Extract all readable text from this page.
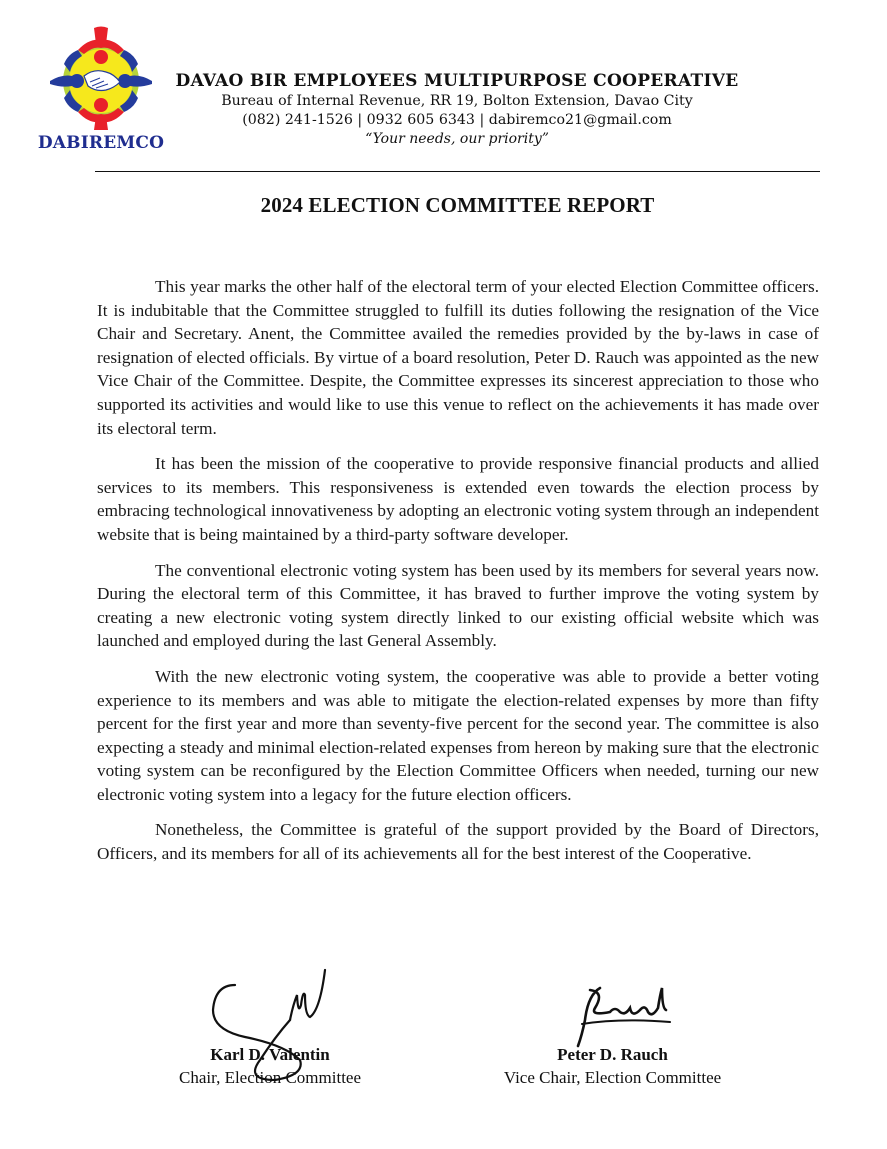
DABIREMCO
DAVAO BIR EMPLOYEES MULTIPURPOSE COOPERATIVE
Bureau of Internal Revenue, RR 19, Bolton Extension, Davao City
(082) 241-1526 | 0932 605 6343 | dabiremco21@gmail.com
“Your needs, our priority”
2024 ELECTION COMMITTEE REPORT

This year marks the other half of the electoral term of your elected Election Committee officers. It is indubitable that the Committee struggled to fulfill its duties following the resignation of the Vice Chair and Secretary. Anent, the Committee availed the remedies provided by the by-laws in case of resignation of elected officials. By virtue of a board resolution, Peter D. Rauch was appointed as the new Vice Chair of the Committee. Despite, the Committee expresses its sincerest appreciation to those who supported its activities and would like to use this venue to reflect on the achievements it has made over its electoral term.

It has been the mission of the cooperative to provide responsive financial products and allied services to its members. This responsiveness is extended even towards the election process by embracing technological innovativeness by adopting an electronic voting system through an independent website that is being maintained by a third-party software developer.

The conventional electronic voting system has been used by its members for several years now. During the electoral term of this Committee, it has braved to further improve the voting system by creating a new electronic voting system directly linked to our existing official website which was launched and employed during the last General Assembly.

With the new electronic voting system, the cooperative was able to provide a better voting experience to its members and was able to mitigate the election-related expenses by more than fifty percent for the first year and more than seventy-five percent for the second year. The committee is also expecting a steady and minimal election-related expenses from hereon by making sure that the electronic voting system can be reconfigured by the Election Committee Officers when needed, turning our new electronic voting system into a legacy for the future election officers.

Nonetheless, the Committee is grateful of the support provided by the Board of Directors, Officers, and its members for all of its achievements all for the best interest of the Cooperative.

Karl D. Valentin
Chair, Election Committee
Peter D. Rauch
Vice Chair, Election Committee
